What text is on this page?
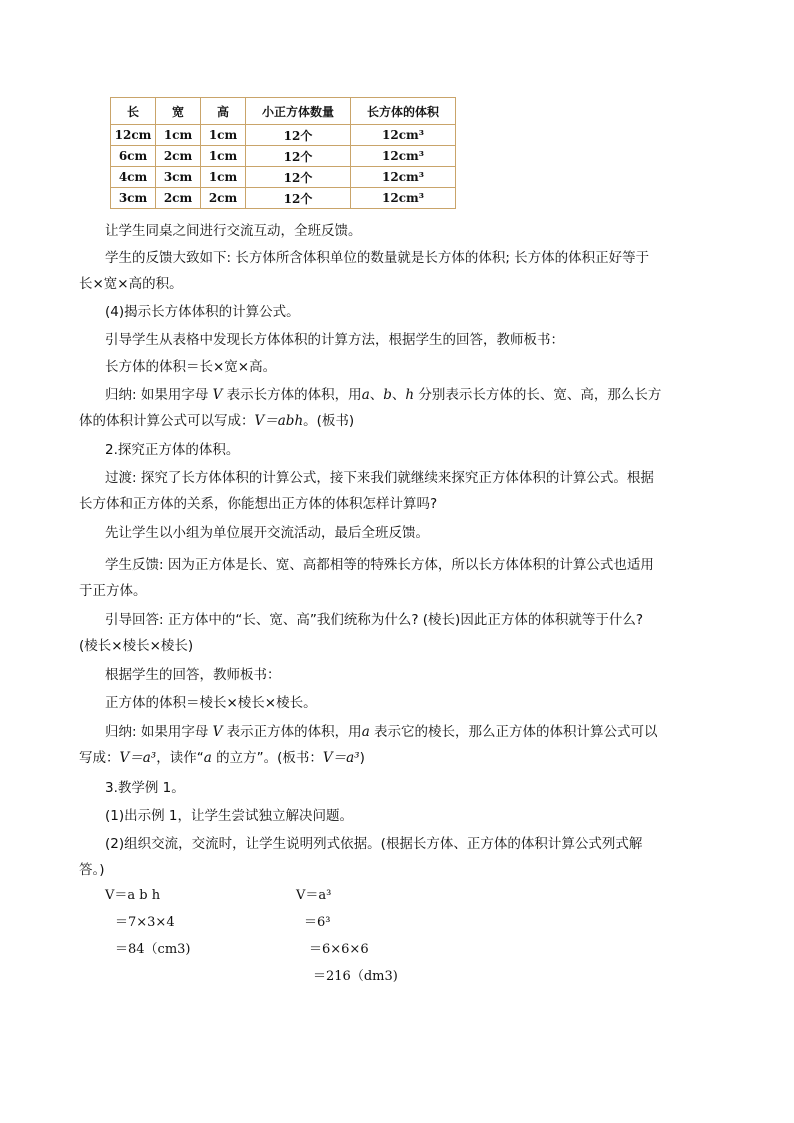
长	宽	高	小正方体数量	长方体的体积
12cm	1cm	1cm	12个	12cm³
6cm	2cm	1cm	12个	12cm³
4cm	3cm	1cm	12个	12cm³
3cm	2cm	2cm	12个	12cm³

让学生同桌之间进行交流互动，全班反馈。

学生的反馈大致如下: 长方体所含体积单位的数量就是长方体的体积; 长方体的体积正好等于
长×宽×高的积。

(4)揭示长方体体积的计算公式。

引导学生从表格中发现长方体体积的计算方法，根据学生的回答，教师板书：

长方体的体积＝长×宽×高。

归纳: 如果用字母 V 表示长方体的体积，用a、b、h 分别表示长方体的长、宽、高，那么长方
体的体积计算公式可以写成：V＝abh。(板书)

2.探究正方体的体积。

过渡: 探究了长方体体积的计算公式，接下来我们就继续来探究正方体体积的计算公式。根据
长方体和正方体的关系，你能想出正方体的体积怎样计算吗?

先让学生以小组为单位展开交流活动，最后全班反馈。

学生反馈: 因为正方体是长、宽、高都相等的特殊长方体，所以长方体体积的计算公式也适用
于正方体。

引导回答: 正方体中的“长、宽、高”我们统称为什么? (棱长)因此正方体的体积就等于什么?
(棱长×棱长×棱长)

根据学生的回答，教师板书：

正方体的体积＝棱长×棱长×棱长。

归纳: 如果用字母 V 表示正方体的体积，用a 表示它的棱长，那么正方体的体积计算公式可以
写成：V＝a³，读作“a 的立方”。(板书：V＝a³)

3.教学例 1。

(1)出示例 1，让学生尝试独立解决问题。

(2)组织交流，交流时，让学生说明列式依据。(根据长方体、正方体的体积计算公式列式解
答。)

V＝a b h
＝7×3×4
＝84（cm3)
V＝a³
＝6³
＝6×6×6
＝216（dm3)
